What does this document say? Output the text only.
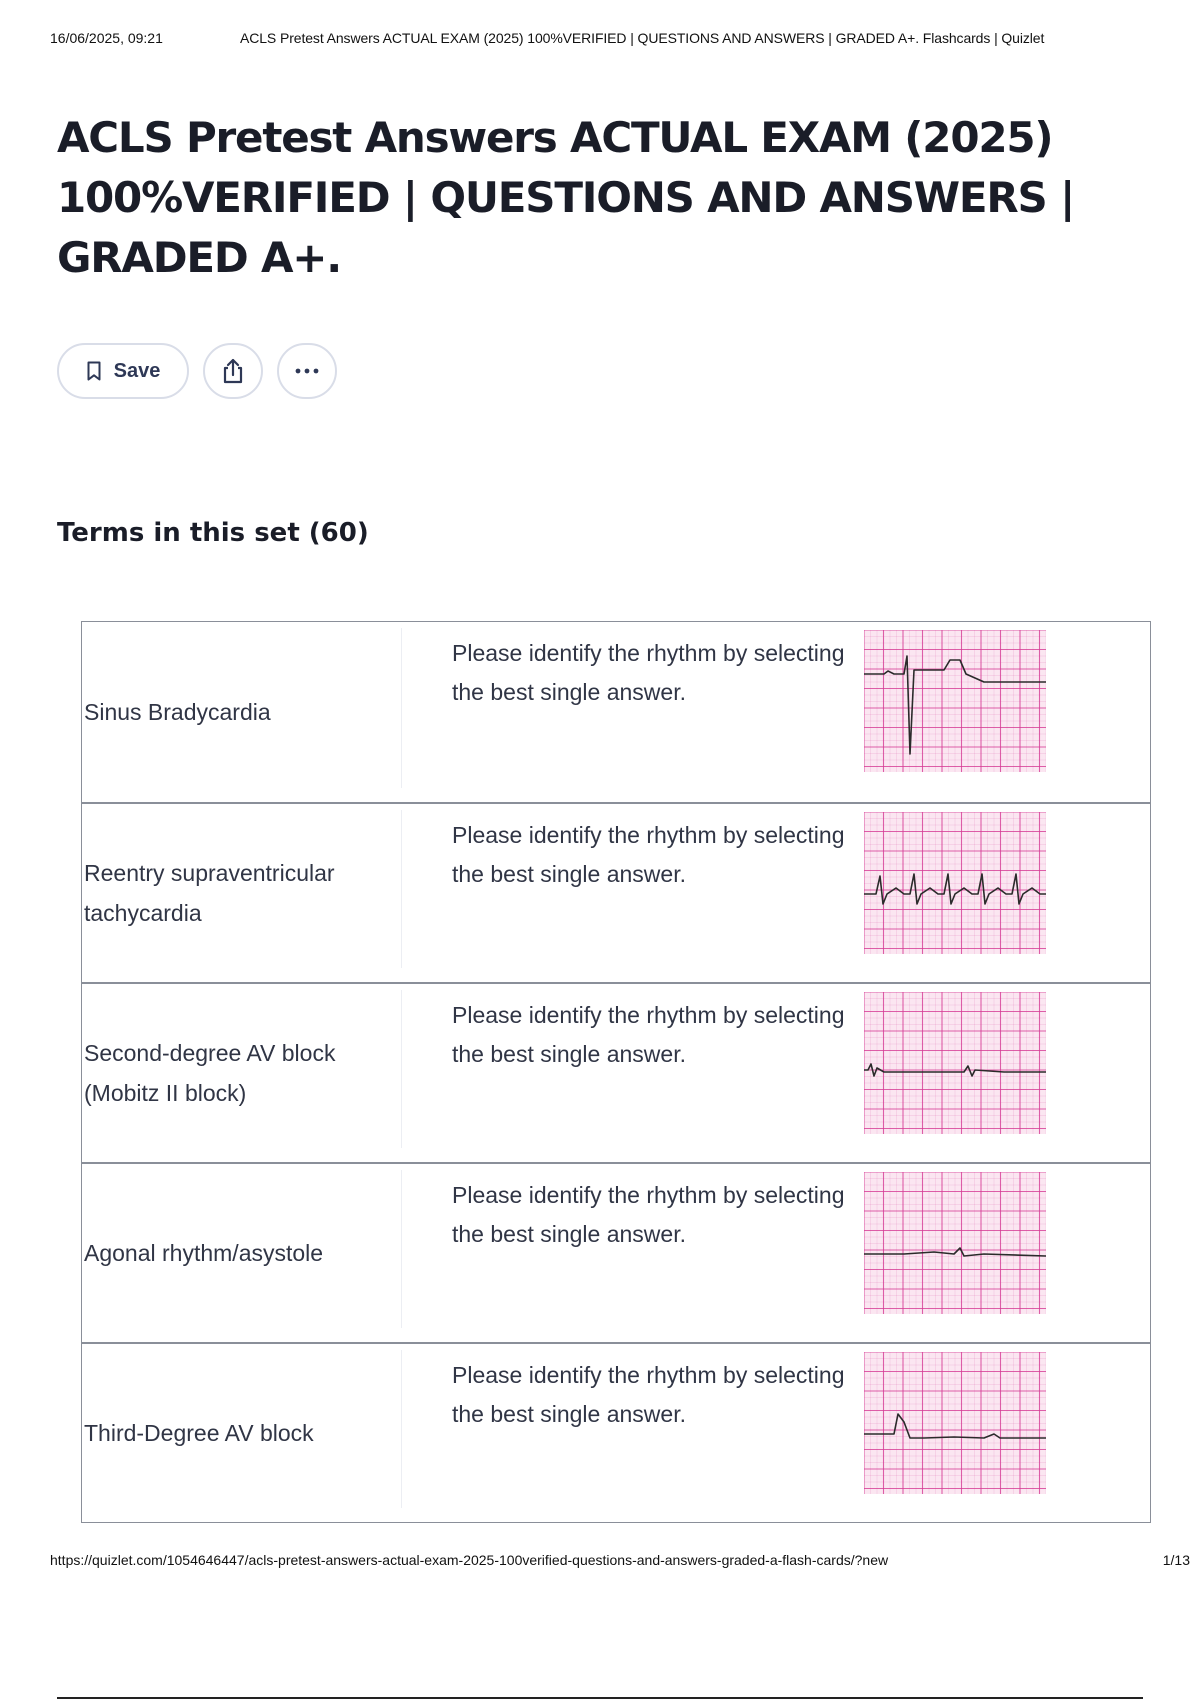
16/06/2025, 09:21	ACLS Pretest Answers ACTUAL EXAM (2025) 100%VERIFIED | QUESTIONS AND ANSWERS | GRADED A+. Flashcards | Quizlet
ACLS Pretest Answers ACTUAL EXAM (2025) 100%VERIFIED | QUESTIONS AND ANSWERS | GRADED A+.
Save
Terms in this set (60)
Sinus Bradycardia
Please identify the rhythm by selecting the best single answer.
Reentry supraventricular tachycardia
Please identify the rhythm by selecting the best single answer.
Second-degree AV block (Mobitz II block)
Please identify the rhythm by selecting the best single answer.
Agonal rhythm/asystole
Please identify the rhythm by selecting the best single answer.
Third-Degree AV block
Please identify the rhythm by selecting the best single answer.
https://quizlet.com/1054646447/acls-pretest-answers-actual-exam-2025-100verified-questions-and-answers-graded-a-flash-cards/?new	1/13
